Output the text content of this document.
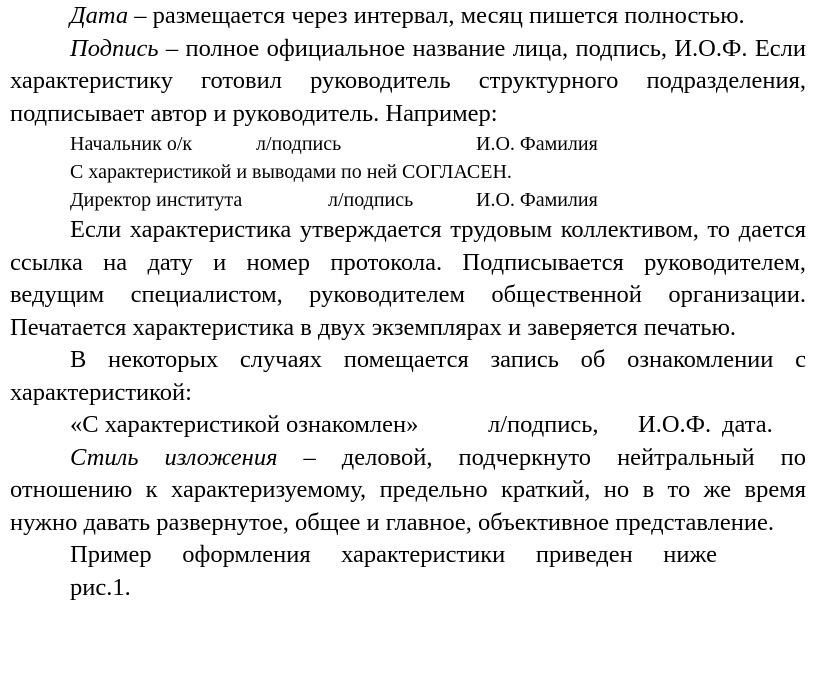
Дата – размещается через интервал, месяц пишется полностью.

Подпись – полное официальное название лица, подпись, И.О.Ф. Если характеристику готовил руководитель структурного подразделения, подписывает автор и руководитель. Например:

Начальник о/к	л/подпись	И.О. Фамилия
С характеристикой и выводами по ней СОГЛАСЕН.
Директор института	л/подпись	И.О. Фамилия

Если характеристика утверждается трудовым коллективом, то дается ссылка на дату и номер протокола. Подписывается руководителем, ведущим специалистом, руководителем общественной организации. Печатается характеристика в двух экземплярах и заверяется печатью.

В некоторых случаях помещается запись об ознакомлении с характеристикой:

«С характеристикой ознакомлен»	л/подпись, И.О.Ф. дата.

Стиль изложения – деловой, подчеркнуто нейтральный по отношению к характеризуемому, предельно краткий, но в то же время нужно давать развернутое, общее и главное, объективное представление.

Пример оформления характеристики приведен ниже

рис.1.
